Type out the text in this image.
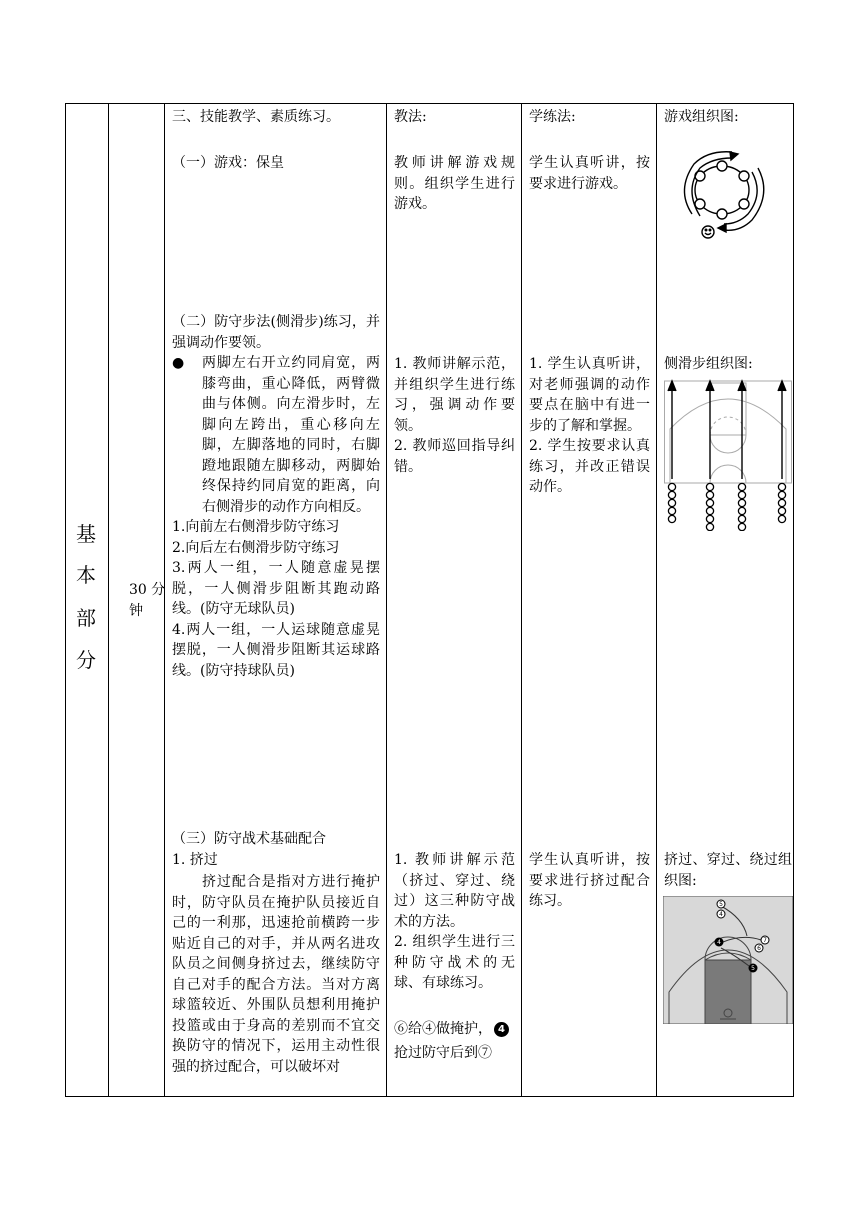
基
本
部
分

30 分

钟

三、技能教学、素质练习。
（一）游戏：保皇
（二）防守步法(侧滑步)练习，并强调动作要领。
●	两脚左右开立约同肩宽，两膝弯曲，重心降低，两臂微曲与体侧。向左滑步时，左脚向左跨出，重心移向左脚，左脚落地的同时，右脚蹬地跟随左脚移动，两脚始终保持约同肩宽的距离，向右侧滑步的动作方向相反。

1.向前左右侧滑步防守练习

2.向后左右侧滑步防守练习

3.两人一组，一人随意虚晃摆脱，一人侧滑步阻断其跑动路线。(防守无球队员)

4.两人一组，一人运球随意虚晃摆脱，一人侧滑步阻断其运球路线。(防守持球队员)

（三）防守战术基础配合
1. 挤过
挤过配合是指对方进行掩护时，防守队员在掩护队员接近自己的一利那，迅速抢前横跨一步贴近自己的对手，并从两名进攻队员之间侧身挤过去，继续防守自己对手的配合方法。当对方离球篮较近、外围队员想利用掩护投篮或由于身高的差别而不宜交换防守的情况下，运用主动性很强的挤过配合，可以破坏对
教法:
教师讲解游戏规则。组织学生进行游戏。

1. 教师讲解示范，并组织学生进行练习，强调动作要领。

2. 教师巡回指导纠错。

1. 教师讲解示范（挤过、穿过、绕过）这三种防守战术的方法。

2. 组织学生进行三种防守战术的无球、有球练习。

⑥给④做掩护， 4

抢过防守后到⑦

学练法:
学生认真听讲，按要求进行游戏。

1. 学生认真听讲，对老师强调的动作要点在脑中有进一步的了解和掌握。

2. 学生按要求认真练习，并改正错误动作。

学生认真听讲，按要求进行挤过配合练习。
游戏组织图:
侧滑步组织图:
挤过、穿过、绕过组织图:
5
4
7
6
4
5
